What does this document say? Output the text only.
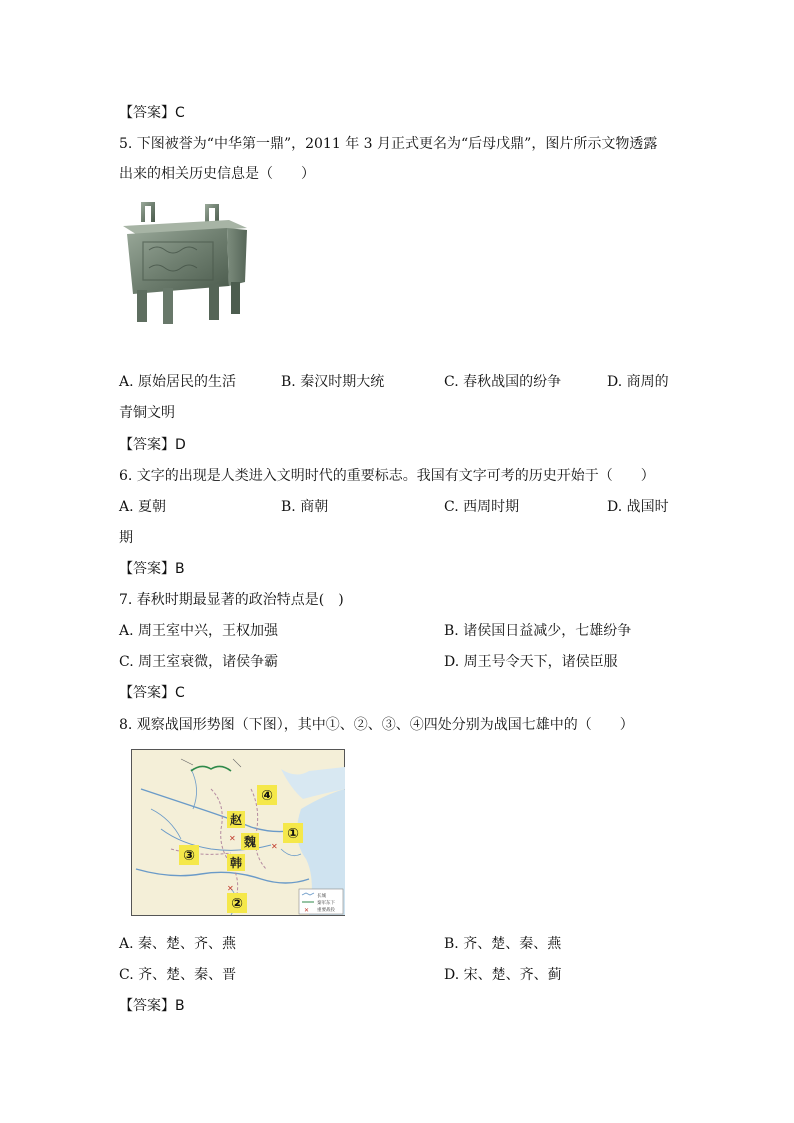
【答案】C
5. 下图被誉为“中华第一鼎”，2011 年 3 月正式更名为“后母戊鼎”，图片所示文物透露
出来的相关历史信息是（　　）
A. 原始居民的生活	B. 秦汉时期大统	C. 春秋战国的纷争	D. 商周的
青铜文明
【答案】D
6. 文字的出现是人类进入文明时代的重要标志。我国有文字可考的历史开始于（　　）
A. 夏朝	B. 商朝	C. 西周时期	D. 战国时
期
【答案】B
7. 春秋时期最显著的政治特点是(　)
A. 周王室中兴，王权加强	B. 诸侯国日益减少，七雄纷争
C. 周王室衰微，诸侯争霸	D. 周王号令天下，诸侯臣服
【答案】C
8. 观察战国形势图（下图），其中①、②、③、④四处分别为战国七雄中的（　　）
赵
魏
韩
①
②
③
④
✕
✕
✕
长城
秦军东下
✕ 重要战役
A. 秦、楚、齐、燕	B. 齐、楚、秦、燕
C. 齐、楚、秦、晋	D. 宋、楚、齐、蓟
【答案】B
